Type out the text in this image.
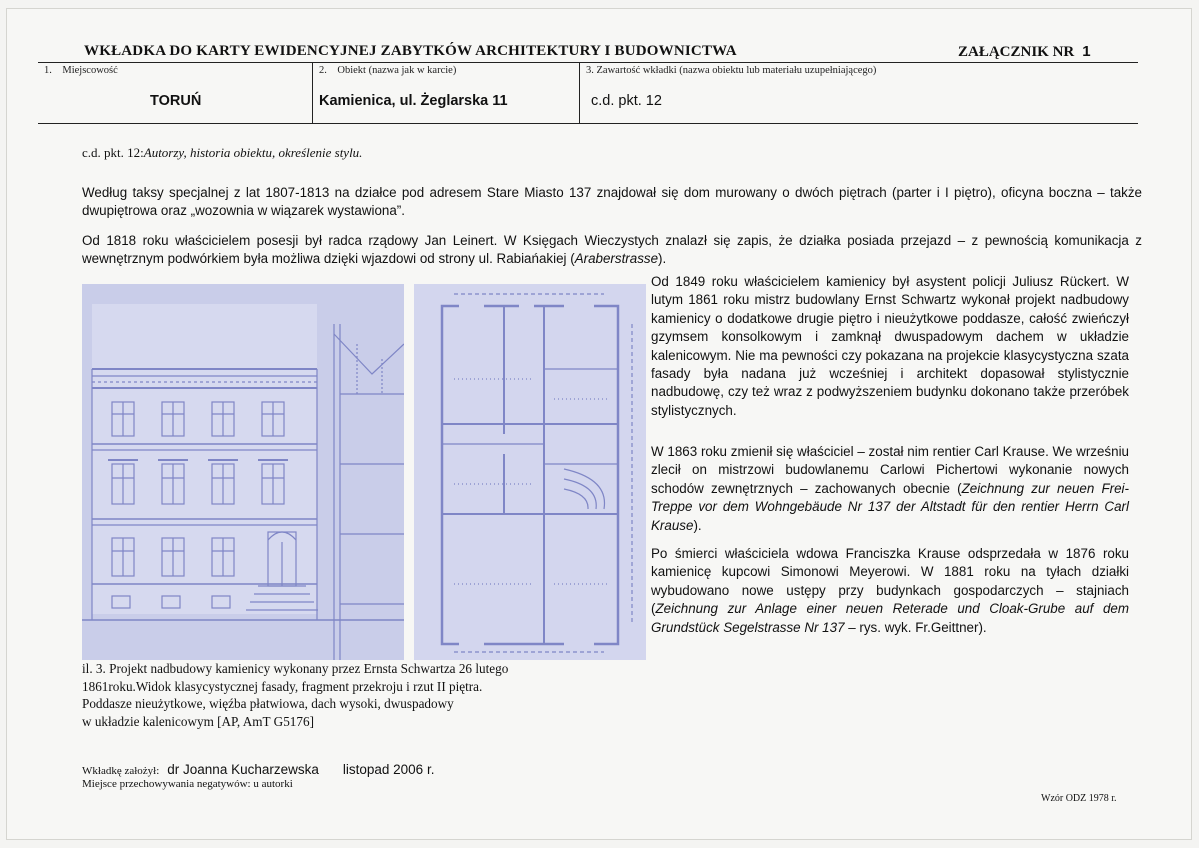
WKŁADKA DO KARTY EWIDENCYJNEJ ZABYTKÓW ARCHITEKTURY I BUDOWNICTWA	ZAŁĄCZNIK NR 1
1.    Miejscowość
TORUŃ
2.    Obiekt (nazwa jak w karcie)
Kamienica, ul. Żeglarska 11
3. Zawartość wkładki (nazwa obiektu lub materiału uzupełniającego)
c.d. pkt. 12
c.d. pkt. 12:Autorzy, historia obiektu, określenie stylu.
Według taksy specjalnej z lat 1807-1813 na działce pod adresem Stare Miasto 137 znajdował się dom murowany o dwóch piętrach (parter i I piętro), oficyna boczna – także dwupiętrowa oraz „wozownia w wiązarek wystawiona”.
Od 1818 roku właścicielem posesji był radca rządowy Jan Leinert. W Księgach Wieczystych znalazł się zapis, że działka posiada przejazd – z pewnością komunikacja z wewnętrznym podwórkiem była możliwa dzięki wjazdowi od strony ul. Rabiańakiej (Araberstrasse).
Od 1849 roku właścicielem kamienicy był asystent policji Juliusz Rückert. W lutym 1861 roku mistrz budowlany Ernst Schwartz wykonał projekt nadbudowy kamienicy o dodatkowe drugie piętro i nieużytkowe poddasze, całość zwieńczył gzymsem konsolkowym i zamknął dwuspadowym dachem w układzie kalenicowym. Nie ma pewności czy pokazana na projekcie klasycystyczna szata fasady była nadana już wcześniej i architekt dopasował stylistycznie nadbudowę, czy też wraz z podwyższeniem budynku dokonano także przeróbek stylistycznych.
W 1863 roku zmienił się właściciel – został nim rentier Carl Krause. We wrześniu zlecił on mistrzowi budowlanemu Carlowi Pichertowi wykonanie nowych schodów zewnętrznych – zachowanych obecnie (Zeichnung zur neuen Frei-Treppe vor dem Wohngebäude Nr 137 der Altstadt für den rentier Herrn Carl Krause).
Po śmierci właściciela wdowa Franciszka Krause odsprzedała w 1876 roku kamienicę kupcowi Simonowi Meyerowi. W 1881 roku na tyłach działki wybudowano nowe ustępy przy budynkach gospodarczych – stajniach (Zeichnung zur Anlage einer neuen Reterade und Cloak-Grube auf dem Grundstück Segelstrasse Nr 137 – rys. wyk. Fr.Geittner).
il. 3. Projekt nadbudowy kamienicy wykonany przez Ernsta Schwartza 26 lutego
1861roku.Widok klasycystycznej fasady, fragment przekroju i rzut II piętra.
Poddasze nieużytkowe, więźba płatwiowa, dach wysoki, dwuspadowy
w układzie kalenicowym [AP, AmT G5176]
Wkładkę założył: dr Joanna Kucharzewska listopad 2006 r.
Miejsce przechowywania negatywów: u autorki
Wzór ODZ 1978 r.
